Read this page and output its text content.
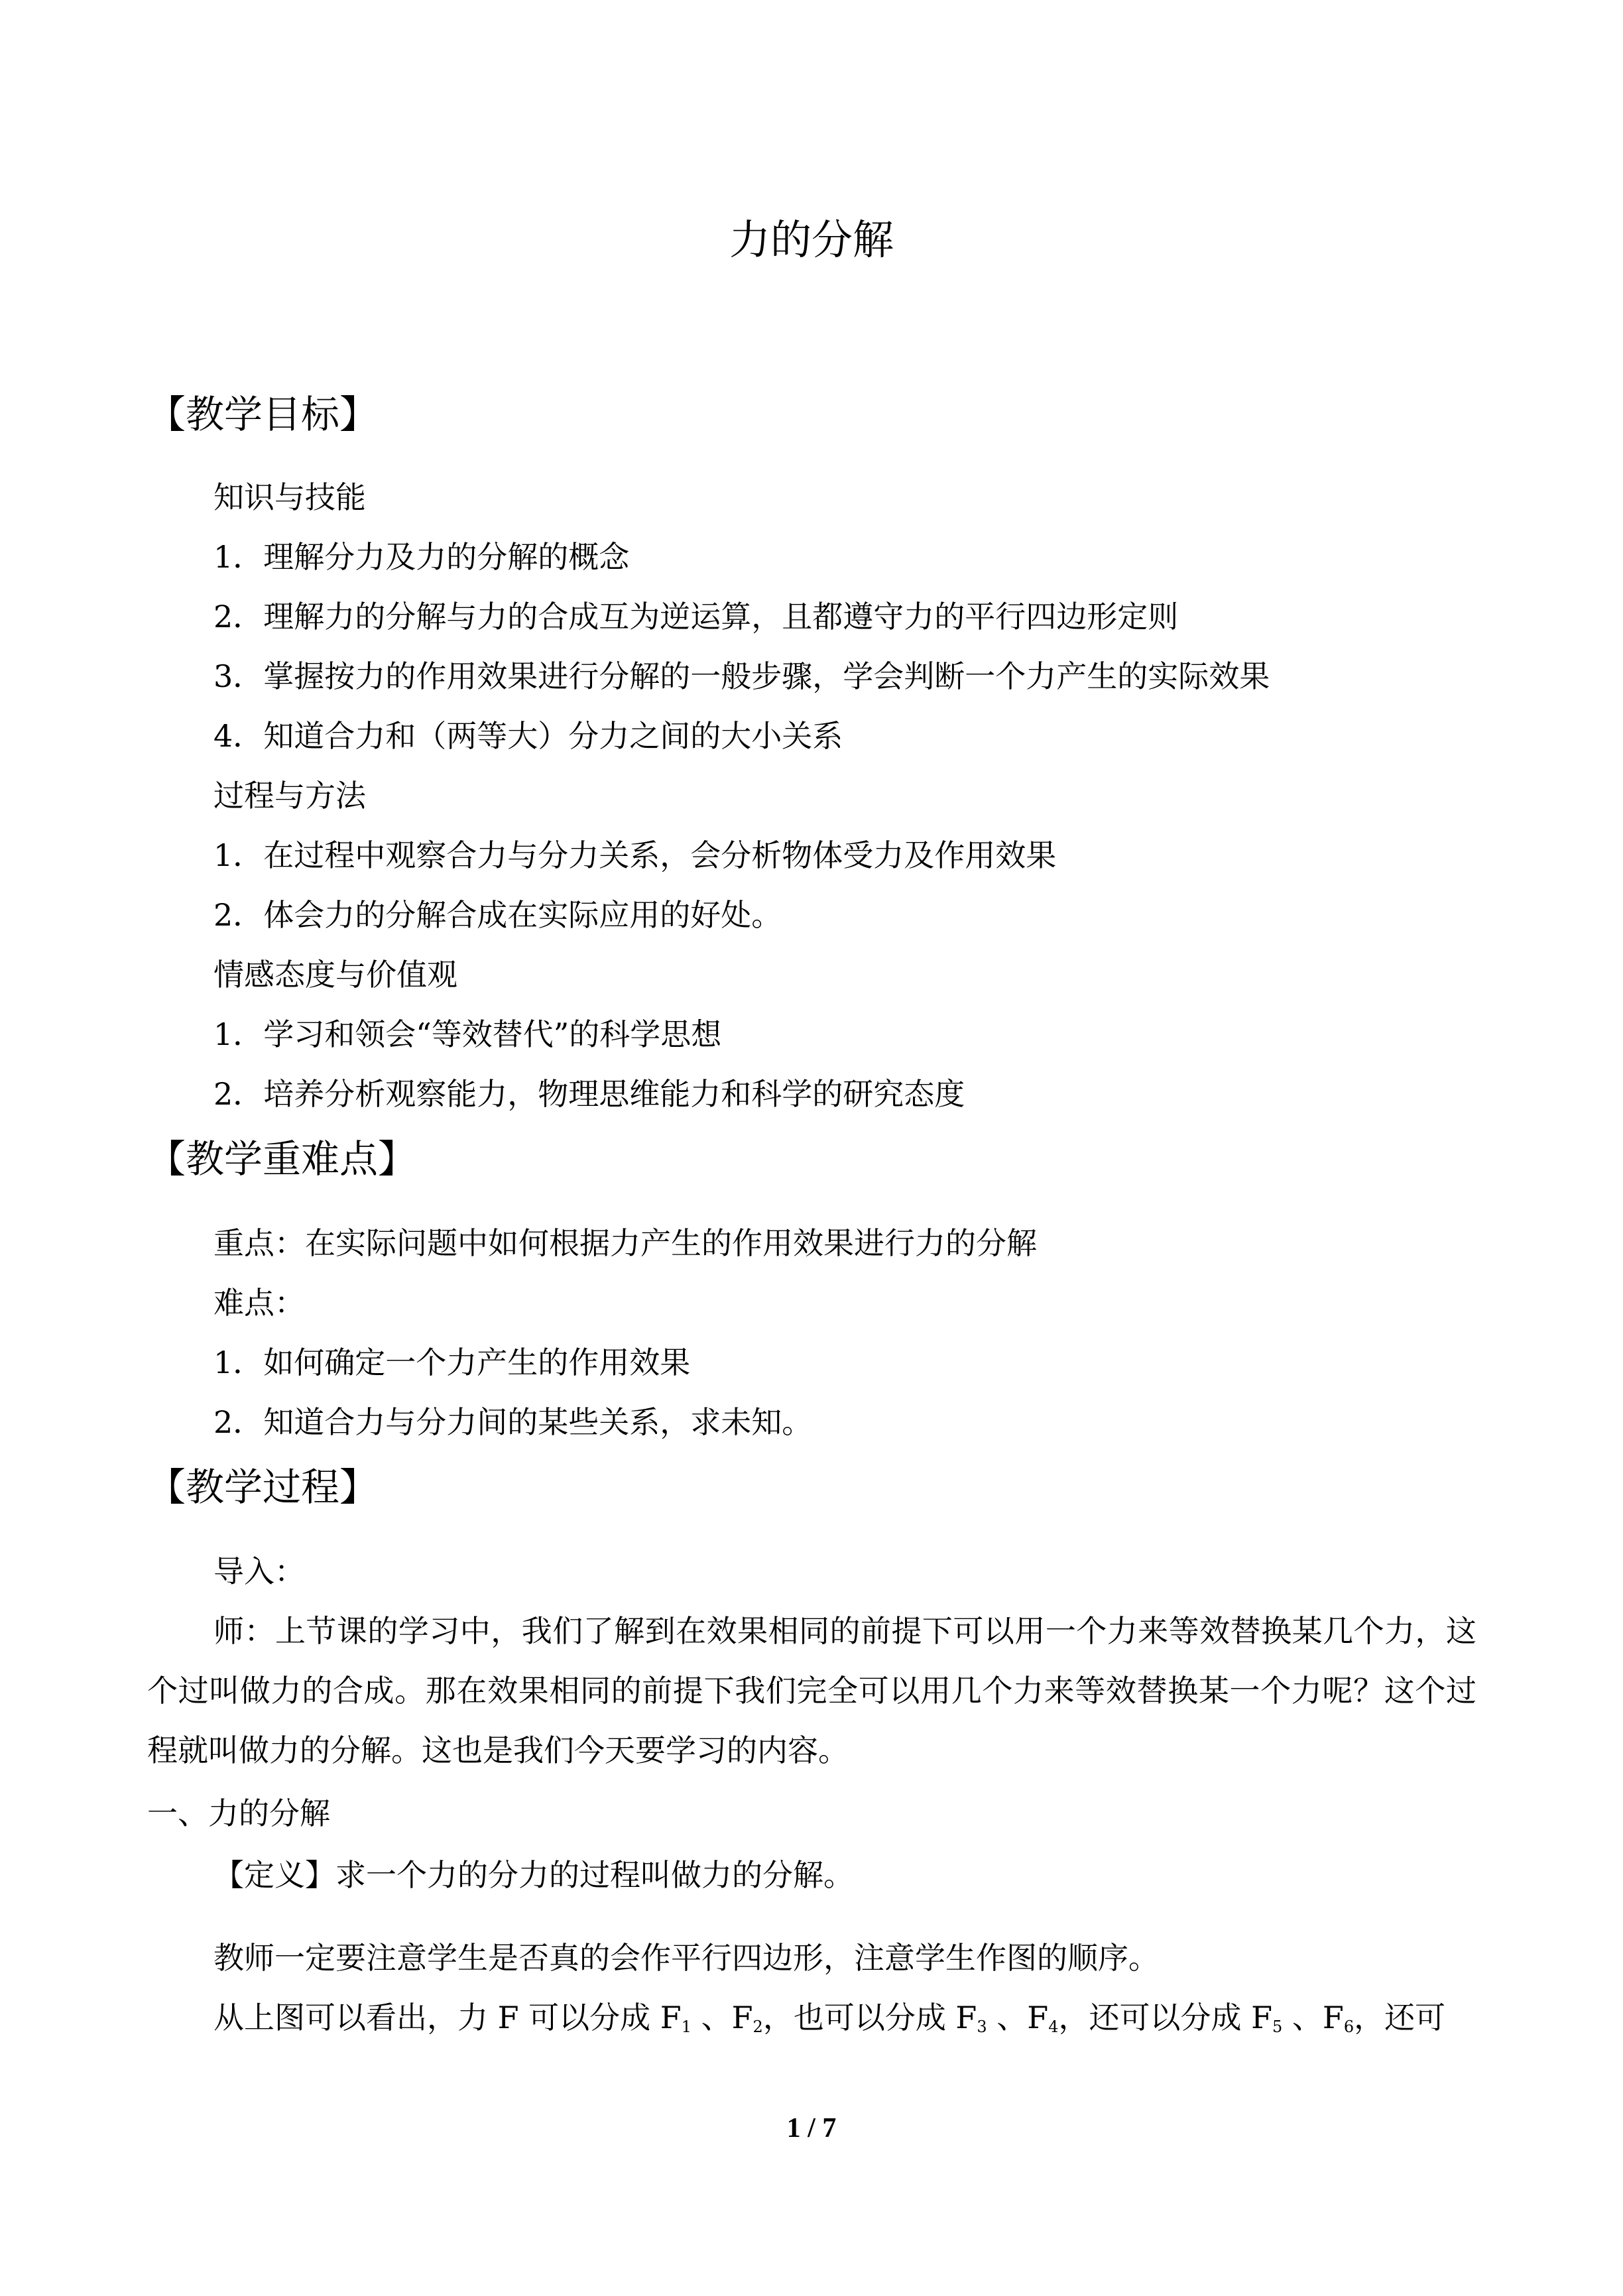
力的分解
【教学目标】
知识与技能
1．理解分力及力的分解的概念
2．理解力的分解与力的合成互为逆运算，且都遵守力的平行四边形定则
3．掌握按力的作用效果进行分解的一般步骤，学会判断一个力产生的实际效果
4．知道合力和（两等大）分力之间的大小关系
过程与方法
1．在过程中观察合力与分力关系，会分析物体受力及作用效果
2．体会力的分解合成在实际应用的好处。
情感态度与价值观
1．学习和领会“等效替代”的科学思想
2．培养分析观察能力，物理思维能力和科学的研究态度
【教学重难点】
重点：在实际问题中如何根据力产生的作用效果进行力的分解
难点：
1．如何确定一个力产生的作用效果
2．知道合力与分力间的某些关系，求未知。
【教学过程】
导入：
师：上节课的学习中，我们了解到在效果相同的前提下可以用一个力来等效替换某几个力，这个过叫做力的合成。那在效果相同的前提下我们完全可以用几个力来等效替换某一个力呢？这个过程就叫做力的分解。这也是我们今天要学习的内容。
一、力的分解
【定义】求一个力的分力的过程叫做力的分解。
教师一定要注意学生是否真的会作平行四边形，注意学生作图的顺序。
从上图可以看出，力 F 可以分成 $F_1$ 、$F_2$，也可以分成 $F_3$ 、$F_4$，还可以分成 $F_5$ 、$F_6$，还可
1 / 7
